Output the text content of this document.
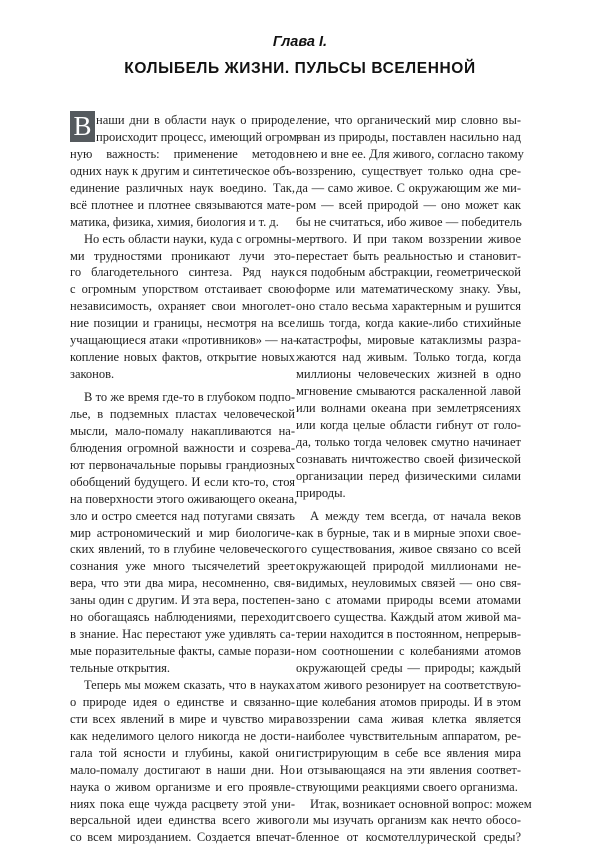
Глава I.
КОЛЫБЕЛЬ ЖИЗНИ. ПУЛЬСЫ ВСЕЛЕННОЙ
наши дни в области наук о природе
происходит процесс, имеющий огром-
ную важность: применение методов
одних наук к другим и синтетическое объ-
единение различных наук воедино. Так,
всё плотнее и плотнее связываются мате-
матика, физика, химия, биология и т. д.
Но есть области науки, куда с огромны-
ми трудностями проникают лучи это-
го благодетельного синтеза. Ряд наук
с огромным упорством отстаивает свою
независимость, охраняет свои многолет-
ние позиции и границы, несмотря на все
учащающиеся атаки «противников» — на-
копление новых фактов, открытие новых
законов.
В то же время где-то в глубоком подпо-
лье, в подземных пластах человеческой
мысли, мало-помалу накапливаются на-
блюдения огромной важности и созрева-
ют первоначальные порывы грандиозных
обобщений будущего. И если кто-то, стоя
на поверхности этого оживающего океана,
зло и остро смеется над потугами связать
мир астрономический и мир биологиче-
ских явлений, то в глубине человеческого
сознания уже много тысячелетий зреет
вера, что эти два мира, несомненно, свя-
заны один с другим. И эта вера, постепен-
но обогащаясь наблюдениями, переходит
в знание. Нас перестают уже удивлять са-
мые поразительные факты, самые порази-
тельные открытия.
Теперь мы можем сказать, что в науках
о природе идея о единстве и связанно-
сти всех явлений в мире и чувство мира
как неделимого целого никогда не дости-
гала той ясности и глубины, какой они
мало-помалу достигают в наши дни. Но
наука о живом организме и его проявле-
ниях пока еще чужда расцвету этой уни-
версальной идеи единства всего живого
со всем мирозданием. Создается впечат-
ление, что органический мир словно вы-
рван из природы, поставлен насильно над
нею и вне ее. Для живого, согласно такому
воззрению, существует только одна сре-
да — само живое. С окружающим же ми-
ром — всей природой — оно может как
бы не считаться, ибо живое — победитель
мертвого. И при таком воззрении живое
перестает быть реальностью и становит-
ся подобным абстракции, геометрической
форме или математическому знаку. Увы,
оно стало весьма характерным и рушится
лишь тогда, когда какие-либо стихийные
катастрофы, мировые катаклизмы разра-
жаются над живым. Только тогда, когда
миллионы человеческих жизней в одно
мгновение смываются раскаленной лавой
или волнами океана при землетрясениях
или когда целые области гибнут от голо-
да, только тогда человек смутно начинает
сознавать ничтожество своей физической
организации перед физическими силами
природы.
А между тем всегда, от начала веков
как в бурные, так и в мирные эпохи свое-
го существования, живое связано со всей
окружающей природой миллионами не-
видимых, неуловимых связей — оно свя-
зано с атомами природы всеми атомами
своего существа. Каждый атом живой ма-
терии находится в постоянном, непрерыв-
ном соотношении с колебаниями атомов
окружающей среды — природы; каждый
атом живого резонирует на соответствую-
щие колебания атомов природы. И в этом
воззрении сама живая клетка является
наиболее чувствительным аппаратом, ре-
гистрирующим в себе все явления мира
и отзывающаяся на эти явления соответ-
ствующими реакциями своего организма.
Итак, возникает основной вопрос: можем
ли мы изучать организм как нечто обосо-
бленное от космотеллурической среды?
В
